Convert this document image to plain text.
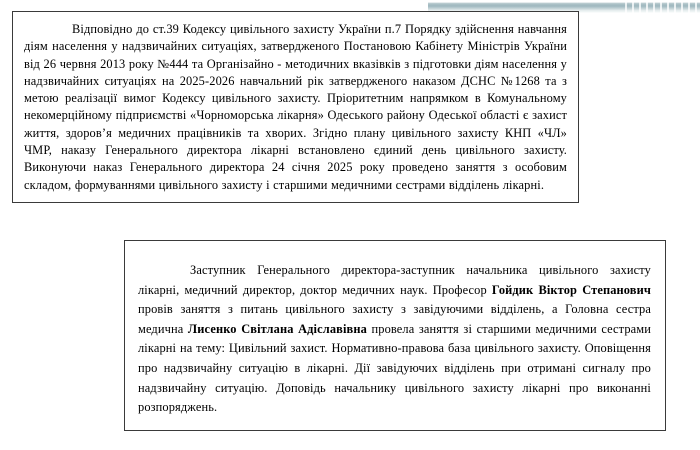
Відповідно до ст.39 Кодексу цивільного захисту України п.7 Порядку здійснення навчання діям населення у надзвичайних ситуаціях, затвердженого Постановою Кабінету Міністрів України від 26 червня 2013 року №444 та Організайно - методичних вказівків з підготовки діям населення у надзвичайних ситуаціях на 2025-2026 навчальний рік затвердженого наказом ДСНС №1268 та з метою реалізації вимог Кодексу цивільного захисту. Пріоритетним напрямком в Комунальному некомерційному підприємстві «Чорноморська лікарня» Одеського району Одеської області є захист життя, здоров’я медичних працівників та хворих. Згідно плану цивільного захисту КНП «ЧЛ» ЧМР, наказу Генерального директора лікарні встановлено єдиний день цивільного захисту. Виконуючи наказ Генерального директора 24 січня 2025 року проведено заняття з особовим складом, формуваннями цивільного захисту і старшими медичними сестрами відділень лікарні.

Заступник Генерального директора-заступник начальника цивільного захисту лікарні, медичний директор, доктор медичних наук. Професор Гойдик Віктор Степанович провів заняття з питань цивільного захисту з завідуючими відділень, а Головна сестра медична Лисенко Світлана Адіславівна провела заняття зі старшими медичними сестрами лікарні на тему: Цивільний захист. Нормативно-правова база цивільного захисту. Оповіщення про надзвичайну ситуацію в лікарні. Дії завідуючих відділень при отримані сигналу про надзвичайну ситуацію. Доповідь начальнику цивільного захисту лікарні про виконанні розпоряджень.
